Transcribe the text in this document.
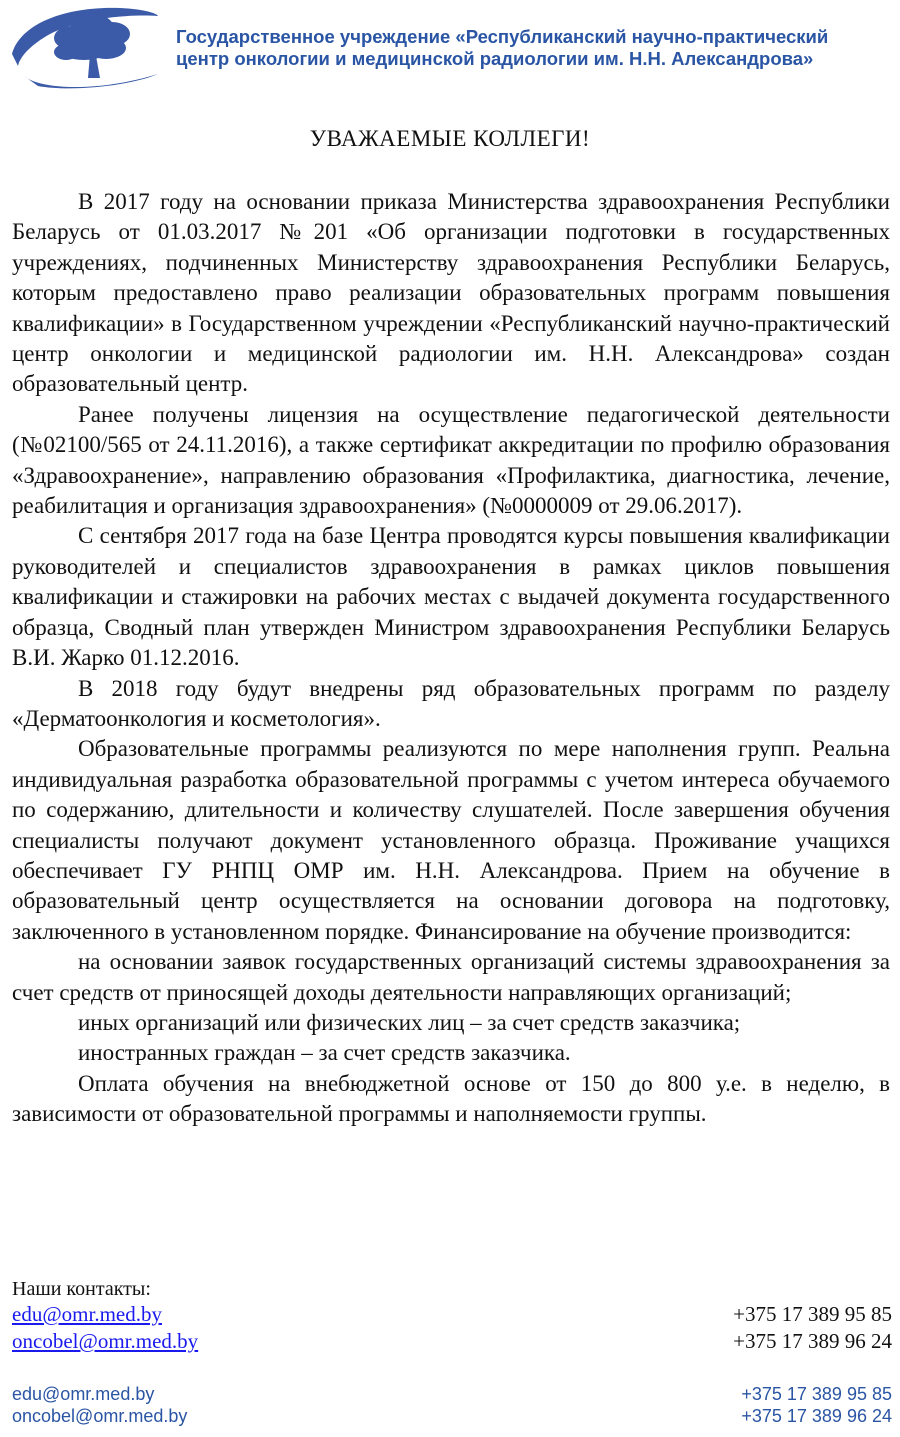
Государственное учреждение «Республиканский научно-практический
центр онкологии и медицинской радиологии им. Н.Н. Александрова»
УВАЖАЕМЫЕ КОЛЛЕГИ!

В 2017 году на основании приказа Министерства здравоохранения Республики Беларусь от 01.03.2017 №201 «Об организации подготовки в государственных учреждениях, подчиненных Министерству здравоохранения Республики Беларусь, которым предоставлено право реализации образовательных программ повышения квалификации» в Государственном учреждении «Республиканский научно-практический центр онкологии и медицинской радиологии им. Н.Н. Александрова» создан образовательный центр.

Ранее получены лицензия на осуществление педагогической деятельности (№02100/565 от 24.11.2016), а также сертификат аккредитации по профилю образования «Здравоохранение», направлению образования «Профилактика, диагностика, лечение, реабилитация и организация здравоохранения» (№0000009 от 29.06.2017).

С сентября 2017 года на базе Центра проводятся курсы повышения квалификации руководителей и специалистов здравоохранения в рамках циклов повышения квалификации и стажировки на рабочих местах с выдачей документа государственного образца, Сводный план утвержден Министром здравоохранения Республики Беларусь В.И. Жарко 01.12.2016.

В 2018 году будут внедрены ряд образовательных программ по разделу «Дерматоонкология и косметология».

Образовательные программы реализуются по мере наполнения групп. Реальна индивидуальная разработка образовательной программы с учетом интереса обучаемого по содержанию, длительности и количеству слушателей. После завершения обучения специалисты получают документ установленного образца. Проживание учащихся обеспечивает ГУ РНПЦ ОМР им. Н.Н. Александрова. Прием на обучение в образовательный центр осуществляется на основании договора на подготовку, заключенного в установленном порядке. Финансирование на обучение производится:

на основании заявок государственных организаций системы здравоохранения за счет средств от приносящей доходы деятельности направляющих организаций;

иных организаций или физических лиц – за счет средств заказчика;

иностранных граждан – за счет средств заказчика.

Оплата обучения на внебюджетной основе от 150 до 800 у.е. в неделю, в зависимости от образовательной программы и наполняемости группы.

Наши контакты:
edu@omr.med.by	+375 17 389 95 85
oncobel@omr.med.by	+375 17 389 96 24
edu@omr.med.by	+375 17 389 95 85
oncobel@omr.med.by	+375 17 389 96 24
